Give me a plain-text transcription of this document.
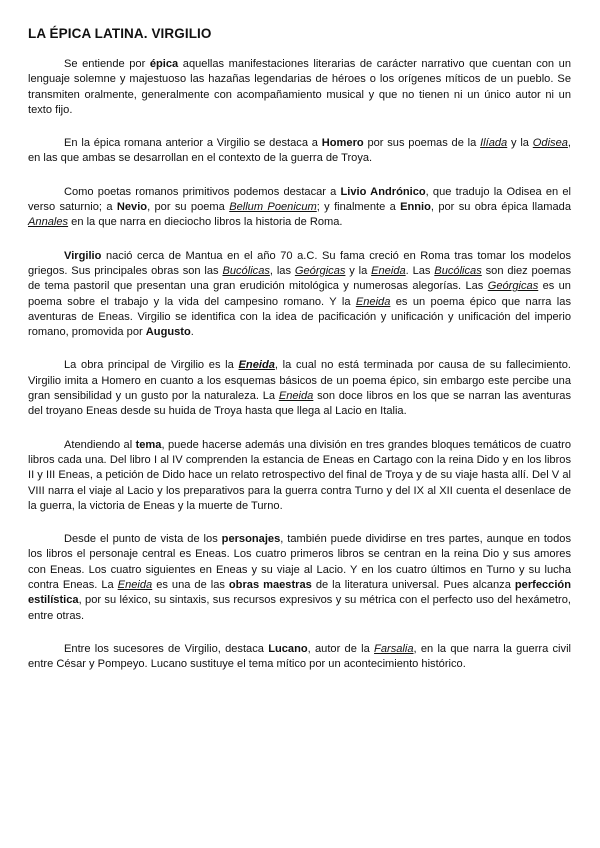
LA ÉPICA LATINA. VIRGILIO

Se entiende por épica aquellas manifestaciones literarias de carácter narrativo que cuentan con un lenguaje solemne y majestuoso las hazañas legendarias de héroes o los orígenes míticos de un pueblo. Se transmiten oralmente, generalmente con acompañamiento musical y que no tienen ni un único autor ni un texto fijo.

En la épica romana anterior a Virgilio se destaca a Homero por sus poemas de la Ilíada y la Odisea, en las que ambas se desarrollan en el contexto de la guerra de Troya.

Como poetas romanos primitivos podemos destacar a Livio Andrónico, que tradujo la Odisea en el verso saturnio; a Nevio, por su poema Bellum Poenicum; y finalmente a Ennio, por su obra épica llamada Annales en la que narra en dieciocho libros la historia de Roma.

Virgilio nació cerca de Mantua en el año 70 a.C. Su fama creció en Roma tras tomar los modelos griegos. Sus principales obras son las Bucólicas, las Geórgicas y la Eneida. Las Bucólicas son diez poemas de tema pastoril que presentan una gran erudición mitológica y numerosas alegorías. Las Geórgicas es un poema sobre el trabajo y la vida del campesino romano. Y la Eneida es un poema épico que narra las aventuras de Eneas. Virgilio se identifica con la idea de pacificación y unificación y unificación del imperio romano, promovida por Augusto.

La obra principal de Virgilio es la Eneida, la cual no está terminada por causa de su fallecimiento. Virgilio imita a Homero en cuanto a los esquemas básicos de un poema épico, sin embargo este percibe una gran sensibilidad y un gusto por la naturaleza. La Eneida son doce libros en los que se narran las aventuras del troyano Eneas desde su huida de Troya hasta que llega al Lacio en Italia.

Atendiendo al tema, puede hacerse además una división en tres grandes bloques temáticos de cuatro libros cada una. Del libro I al IV comprenden la estancia de Eneas en Cartago con la reina Dido y en los libros II y III Eneas, a petición de Dido hace un relato retrospectivo del final de Troya y de su viaje hasta allí. Del V al VIII narra el viaje al Lacio y los preparativos para la guerra contra Turno y del IX al XII cuenta el desenlace de la guerra, la victoria de Eneas y la muerte de Turno.

Desde el punto de vista de los personajes, también puede dividirse en tres partes, aunque en todos los libros el personaje central es Eneas. Los cuatro primeros libros se centran en la reina Dio y sus amores con Eneas. Los cuatro siguientes en Eneas y su viaje al Lacio. Y en los cuatro últimos en Turno y su lucha contra Eneas. La Eneida es una de las obras maestras de la literatura universal. Pues alcanza perfección estilística, por su léxico, su sintaxis, sus recursos expresivos y su métrica con el perfecto uso del hexámetro, entre otras.

Entre los sucesores de Virgilio, destaca Lucano, autor de la Farsalia, en la que narra la guerra civil entre César y Pompeyo. Lucano sustituye el tema mítico por un acontecimiento histórico.
